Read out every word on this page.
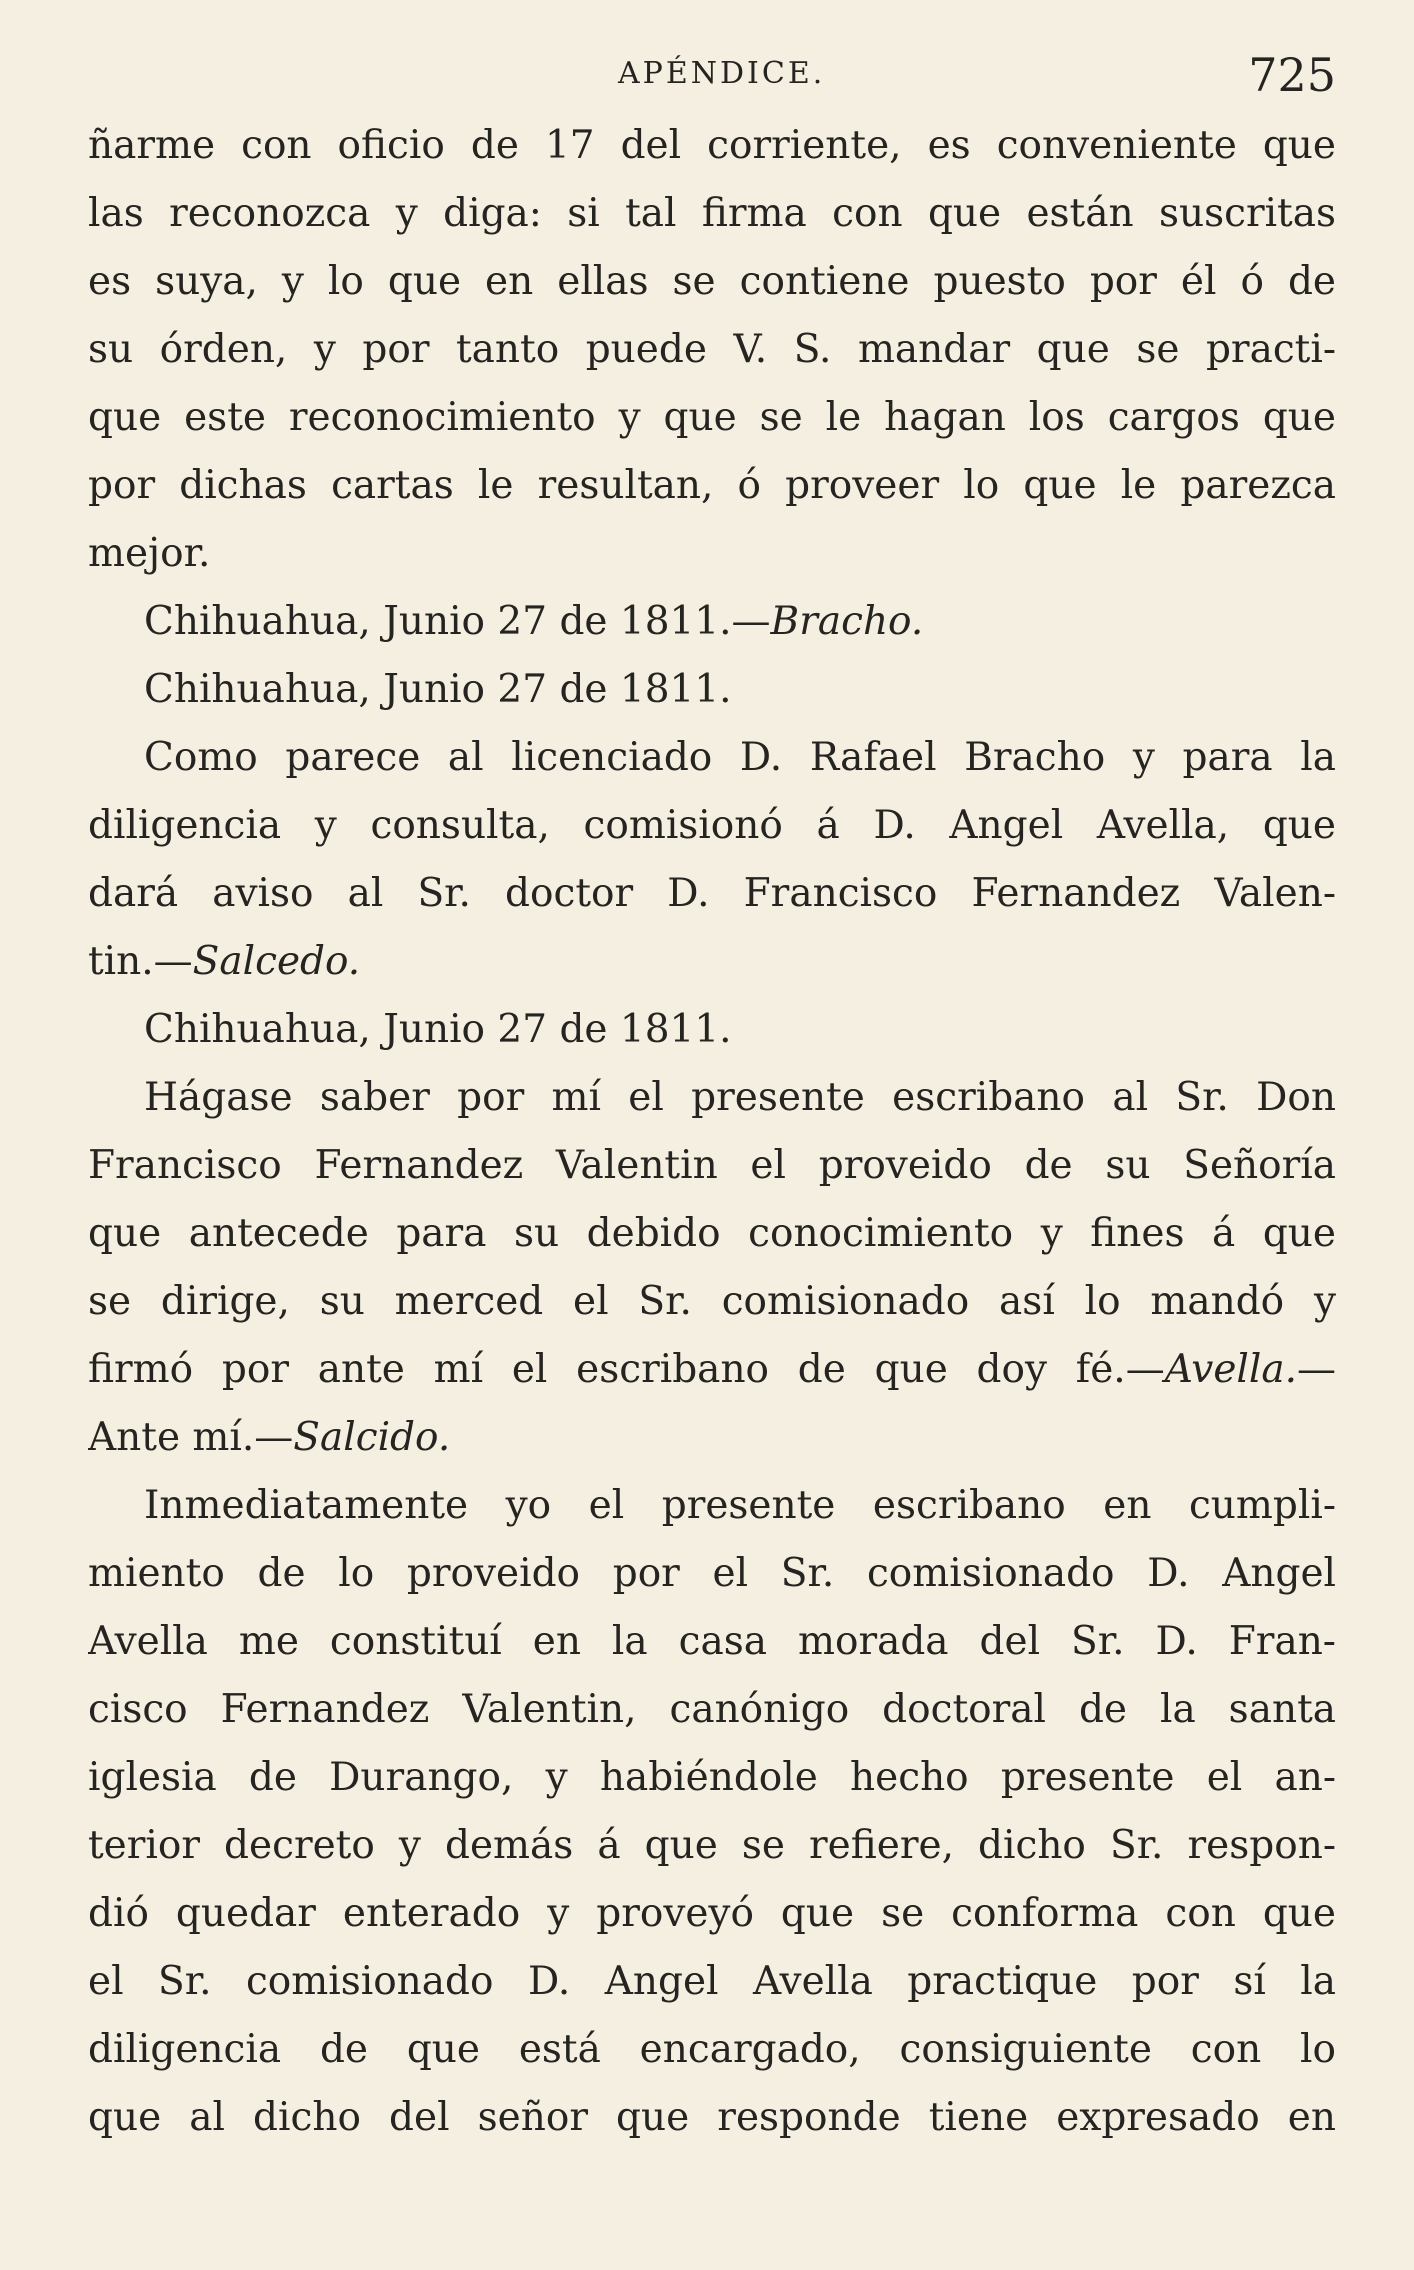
APÉNDICE.	725
ñarme con oficio de 17 del corriente, es conveniente que
las reconozca y diga: si tal firma con que están suscritas
es suya, y lo que en ellas se contiene puesto por él ó de
su órden, y por tanto puede V. S. mandar que se practi-
que este reconocimiento y que se le hagan los cargos que
por dichas cartas le resultan, ó proveer lo que le parezca
mejor.
Chihuahua, Junio 27 de 1811.—Bracho.
Chihuahua, Junio 27 de 1811.
Como parece al licenciado D. Rafael Bracho y para la
diligencia y consulta, comisionó á D. Angel Avella, que
dará aviso al Sr. doctor D. Francisco Fernandez Valen-
tin.—Salcedo.
Chihuahua, Junio 27 de 1811.
Hágase saber por mí el presente escribano al Sr. Don
Francisco Fernandez Valentin el proveido de su Señoría
que antecede para su debido conocimiento y fines á que
se dirige, su merced el Sr. comisionado así lo mandó y
firmó por ante mí el escribano de que doy fé.—Avella.—
Ante mí.—Salcido.
Inmediatamente yo el presente escribano en cumpli-
miento de lo proveido por el Sr. comisionado D. Angel
Avella me constituí en la casa morada del Sr. D. Fran-
cisco Fernandez Valentin, canónigo doctoral de la santa
iglesia de Durango, y habiéndole hecho presente el an-
terior decreto y demás á que se refiere, dicho Sr. respon-
dió quedar enterado y proveyó que se conforma con que
el Sr. comisionado D. Angel Avella practique por sí la
diligencia de que está encargado, consiguiente con lo
que al dicho del señor que responde tiene expresado en
